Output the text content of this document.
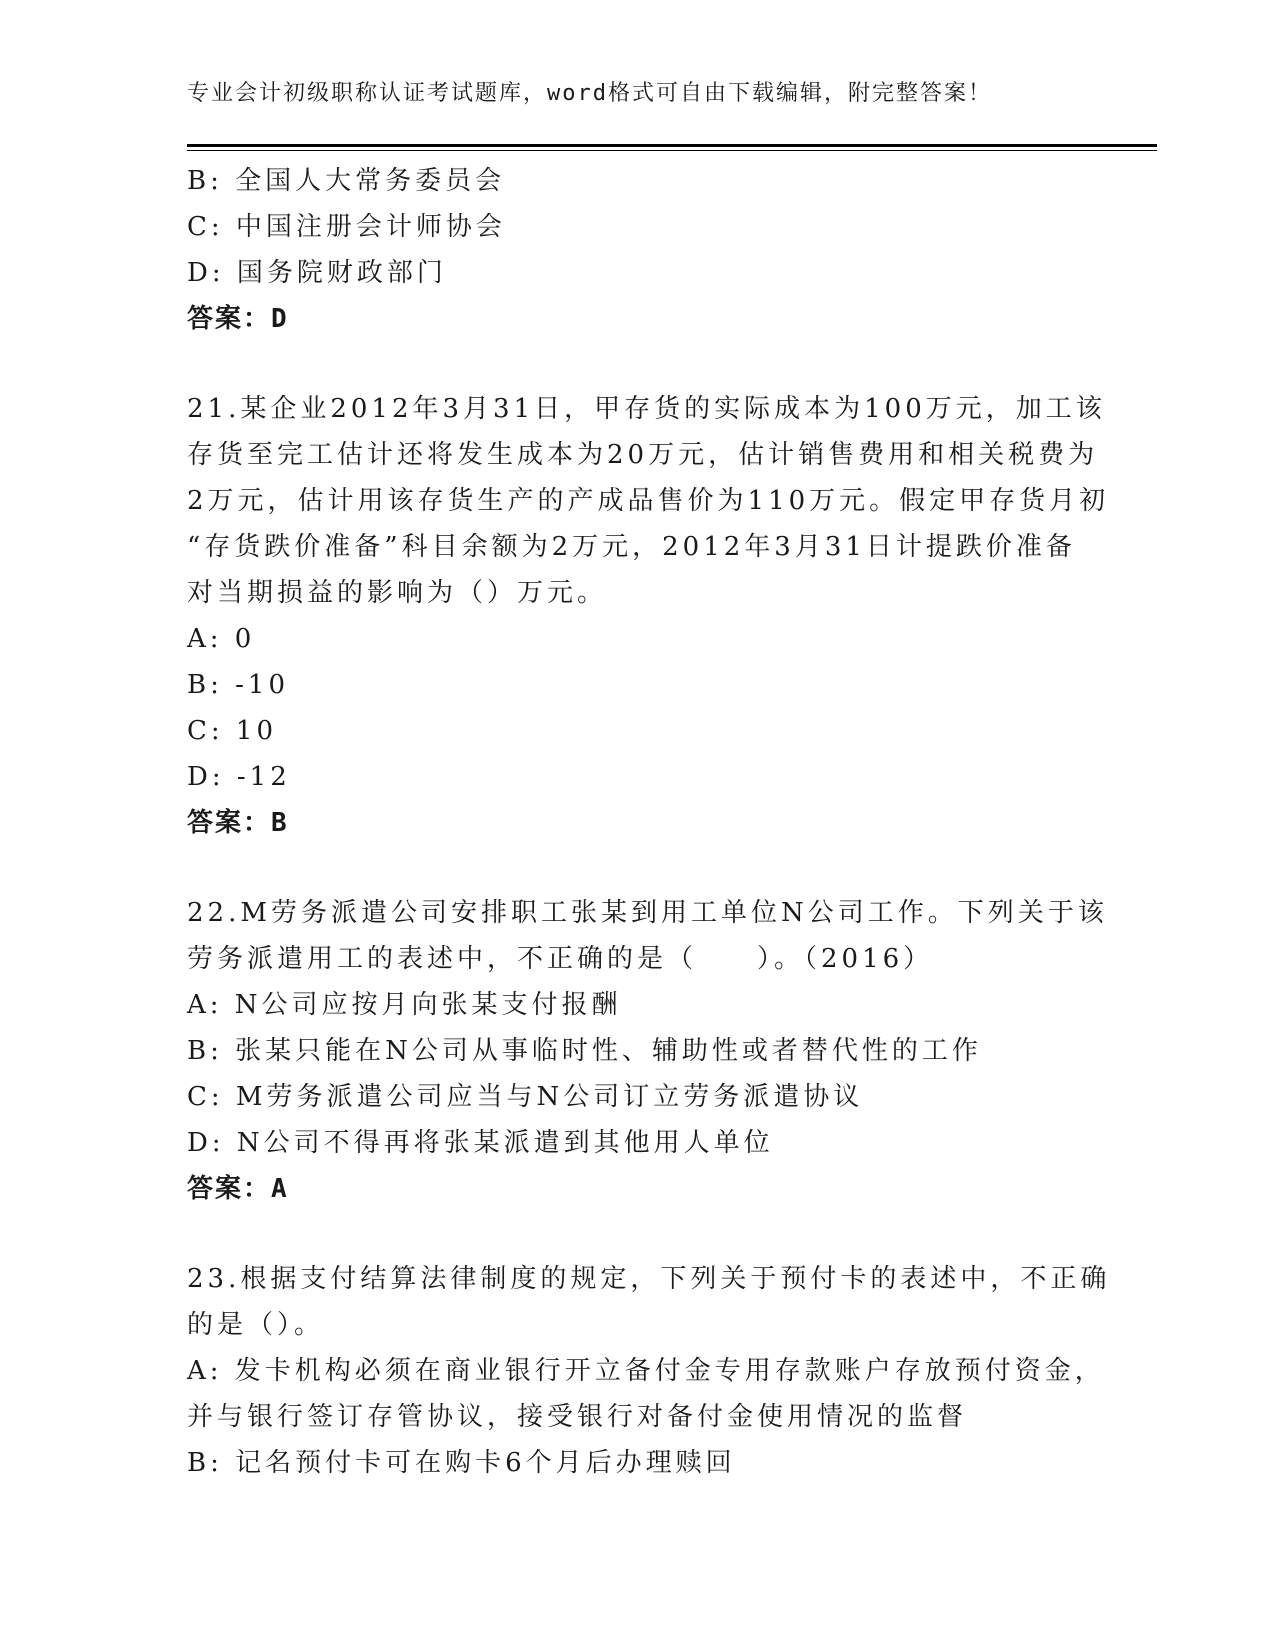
专业会计初级职称认证考试题库，word格式可自由下载编辑，附完整答案！
B: 全国人大常务委员会
C: 中国注册会计师协会
D: 国务院财政部门
答案：D
21.某企业2012年3月31日，甲存货的实际成本为100万元，加工该
存货至完工估计还将发生成本为20万元，估计销售费用和相关税费为
2万元，估计用该存货生产的产成品售价为110万元。假定甲存货月初
“存货跌价准备”科目余额为2万元，2012年3月31日计提跌价准备
对当期损益的影响为（）万元。
A: 0
B: -10
C: 10
D: -12
答案：B
22.M劳务派遣公司安排职工张某到用工单位N公司工作。下列关于该
劳务派遣用工的表述中，不正确的是（　　）。（2016）
A: N公司应按月向张某支付报酬
B: 张某只能在N公司从事临时性、辅助性或者替代性的工作
C: M劳务派遣公司应当与N公司订立劳务派遣协议
D: N公司不得再将张某派遣到其他用人单位
答案：A
23.根据支付结算法律制度的规定，下列关于预付卡的表述中，不正确
的是（）。
A: 发卡机构必须在商业银行开立备付金专用存款账户存放预付资金，
并与银行签订存管协议，接受银行对备付金使用情况的监督
B: 记名预付卡可在购卡6个月后办理赎回
